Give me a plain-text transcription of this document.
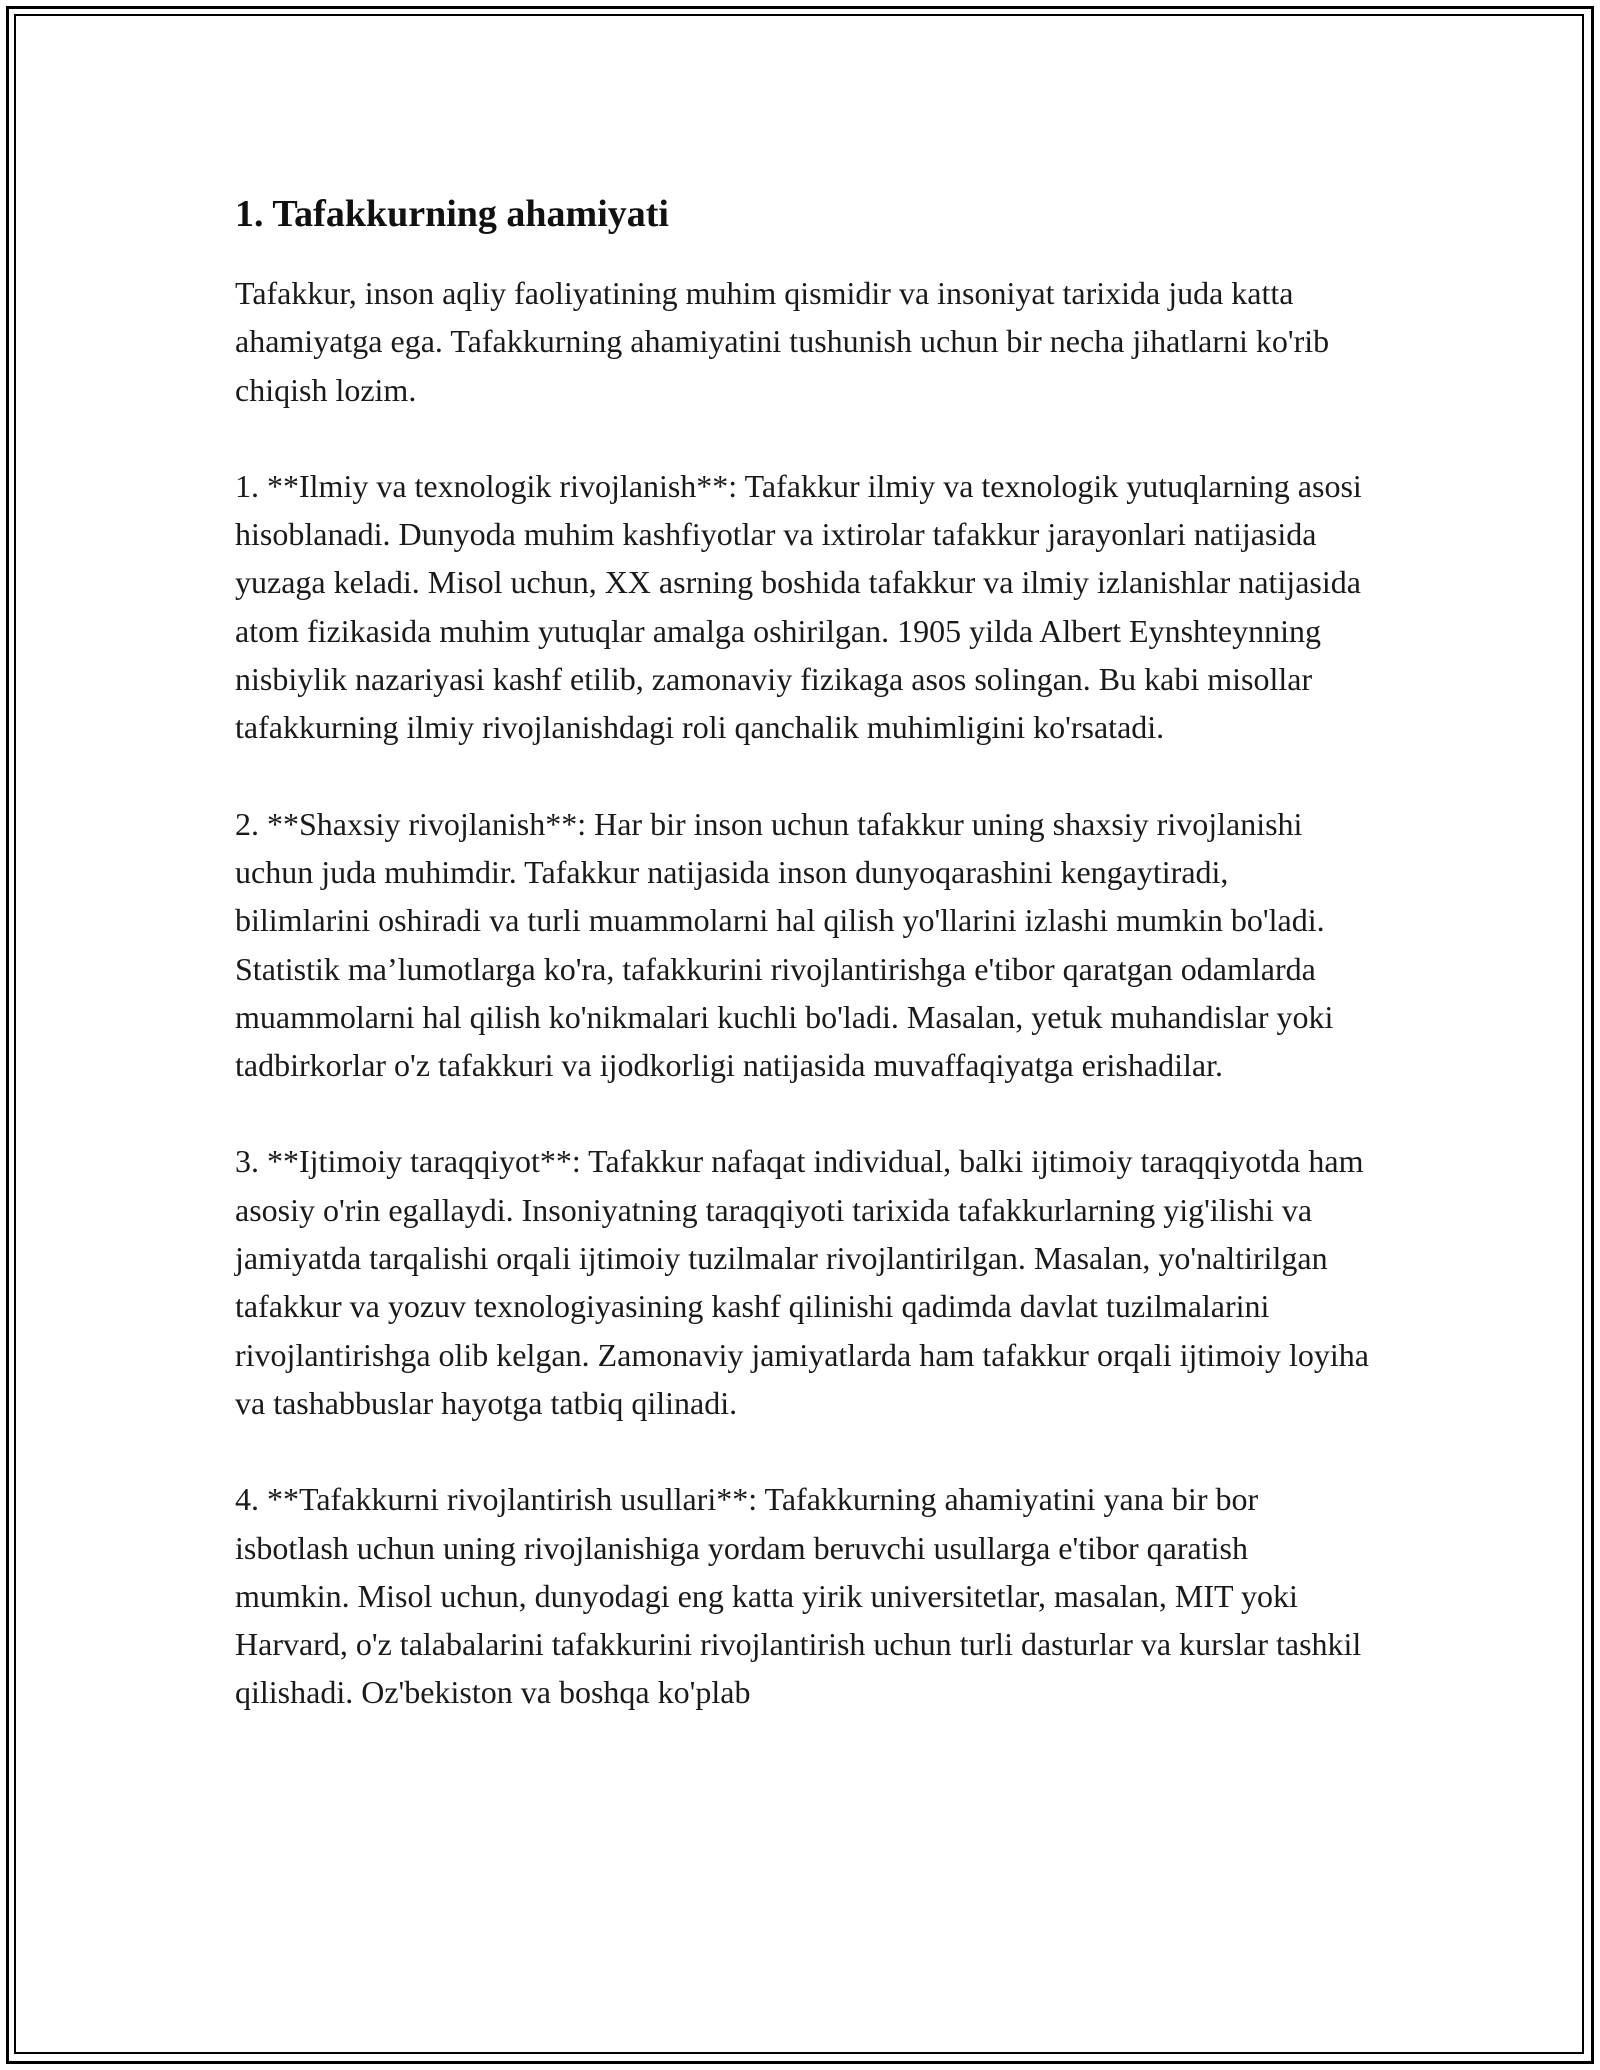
1. Tafakkurning ahamiyati

Tafakkur, inson aqliy faoliyatining muhim qismidir va insoniyat tarixida juda katta ahamiyatga ega. Tafakkurning ahamiyatini tushunish uchun bir necha jihatlarni ko'rib chiqish lozim.

1. **Ilmiy va texnologik rivojlanish**: Tafakkur ilmiy va texnologik yutuqlarning asosi hisoblanadi. Dunyoda muhim kashfiyotlar va ixtirolar tafakkur jarayonlari natijasida yuzaga keladi. Misol uchun, XX asrning boshida tafakkur va ilmiy izlanishlar natijasida atom fizikasida muhim yutuqlar amalga oshirilgan. 1905 yilda Albert Eynshteynning nisbiylik nazariyasi kashf etilib, zamonaviy fizikaga asos solingan. Bu kabi misollar tafakkurning ilmiy rivojlanishdagi roli qanchalik muhimligini ko'rsatadi.

2. **Shaxsiy rivojlanish**: Har bir inson uchun tafakkur uning shaxsiy rivojlanishi uchun juda muhimdir. Tafakkur natijasida inson dunyoqarashini kengaytiradi, bilimlarini oshiradi va turli muammolarni hal qilish yo'llarini izlashi mumkin bo'ladi. Statistik ma’lumotlarga ko'ra, tafakkurini rivojlantirishga e'tibor qaratgan odamlarda muammolarni hal qilish ko'nikmalari kuchli bo'ladi. Masalan, yetuk muhandislar yoki tadbirkorlar o'z tafakkuri va ijodkorligi natijasida muvaffaqiyatga erishadilar.

3. **Ijtimoiy taraqqiyot**: Tafakkur nafaqat individual, balki ijtimoiy taraqqiyotda ham asosiy o'rin egallaydi. Insoniyatning taraqqiyoti tarixida tafakkurlarning yig'ilishi va jamiyatda tarqalishi orqali ijtimoiy tuzilmalar rivojlantirilgan. Masalan, yo'naltirilgan tafakkur va yozuv texnologiyasining kashf qilinishi qadimda davlat tuzilmalarini rivojlantirishga olib kelgan. Zamonaviy jamiyatlarda ham tafakkur orqali ijtimoiy loyiha va tashabbuslar hayotga tatbiq qilinadi.

4. **Tafakkurni rivojlantirish usullari**: Tafakkurning ahamiyatini yana bir bor isbotlash uchun uning rivojlanishiga yordam beruvchi usullarga e'tibor qaratish mumkin. Misol uchun, dunyodagi eng katta yirik universitetlar, masalan, MIT yoki Harvard, o'z talabalarini tafakkurini rivojlantirish uchun turli dasturlar va kurslar tashkil qilishadi. Oz'bekiston va boshqa ko'plab
